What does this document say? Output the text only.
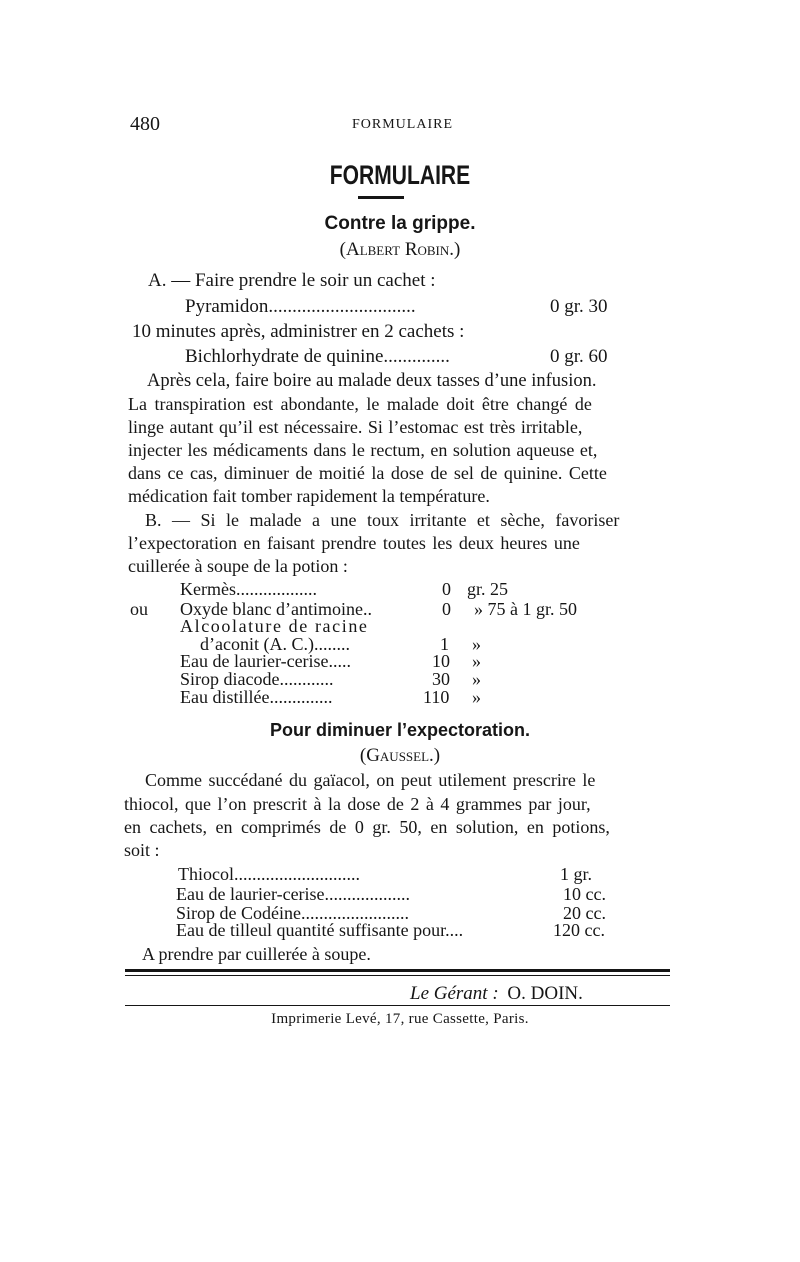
480	FORMULAIRE
FORMULAIRE
Contre la grippe.
(Albert Robin.)
A. — Faire prendre le soir un cachet :
Pyramidon...............................	0 gr. 30
10 minutes après, administrer en 2 cachets :
Bichlorhydrate de quinine..............	0 gr. 60
Après cela, faire boire au malade deux tasses d’une infusion.
La transpiration est abondante, le malade doit être changé de
linge autant qu’il est nécessaire. Si l’estomac est très irritable,
injecter les médicaments dans le rectum, en solution aqueuse et,
dans ce cas, diminuer de moitié la dose de sel de quinine. Cette
médication fait tomber rapidement la température.
B. — Si le malade a une toux irritante et sèche, favoriser
l’expectoration en faisant prendre toutes les deux heures une
cuillerée à soupe de la potion :
ou
Kermès..................	0 gr. 25
Oxyde blanc d’antimoine..	0 » 75 à 1 gr. 50
Alcoolature de racine
d’aconit (A. C.)........	1 »
Eau de laurier-cerise.....	10 »
Sirop diacode............	30 »
Eau distillée..............	110 »
Pour diminuer l’expectoration.
(Gaussel.)
Comme succédané du gaïacol, on peut utilement prescrire le
thiocol, que l’on prescrit à la dose de 2 à 4 grammes par jour,
en cachets, en comprimés de 0 gr. 50, en solution, en potions,
soit :
Thiocol............................	1 gr.
Eau de laurier-cerise...................	10 cc.
Sirop de Codéine........................	20 cc.
Eau de tilleul quantité suffisante pour....	120 cc.
A prendre par cuillerée à soupe.
Le Gérant : O. DOIN.
Imprimerie Levé, 17, rue Cassette, Paris.
